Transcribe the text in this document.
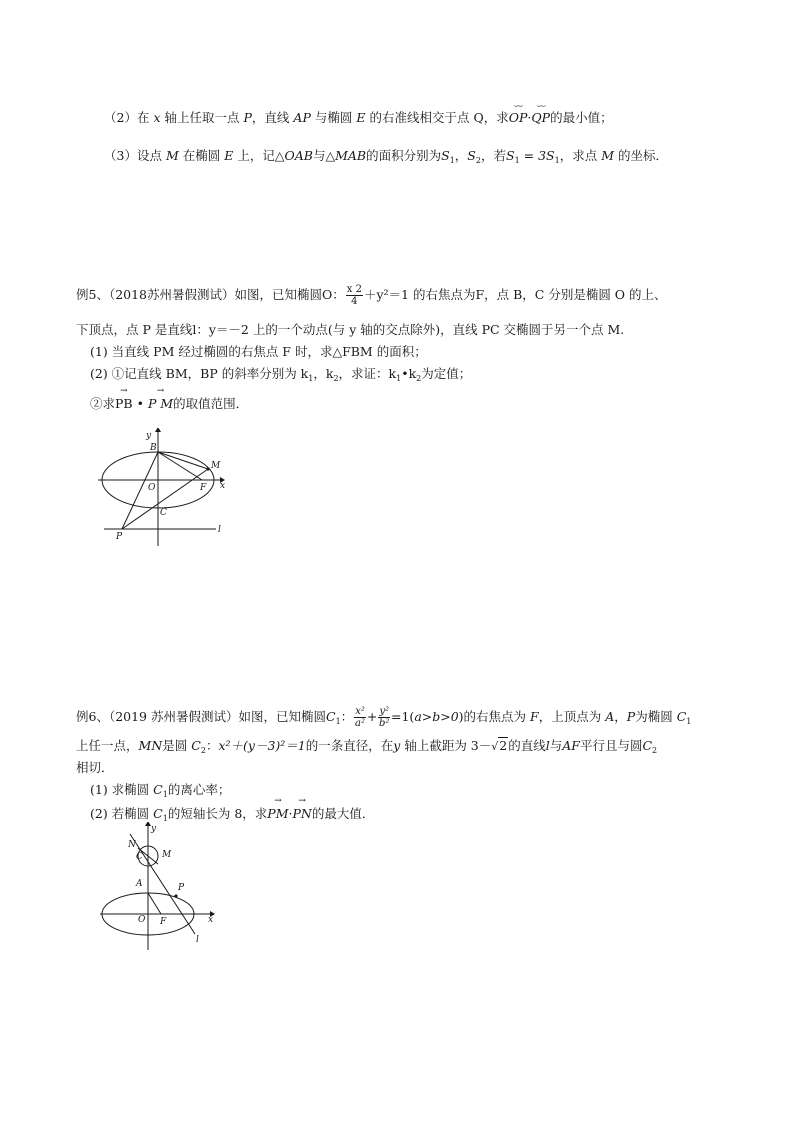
（2）在 x 轴上任取一点 P，直线 AP 与椭圆 E 的右准线相交于点 Q，求⌣⌣ OP·⌣⌣ QP的最小值；
（3）设点 M 在椭圆 E 上，记△OAB与△MAB的面积分别为$S_1$，$S_2$，若$S_1 = 3S_1$，求点 M 的坐标．
例5、（2018苏州暑假测试）如图，已知椭圆O： $\frac{x 2}{4} +y^2=1$ 的右焦点为F，点 B，C 分别是椭圆 O 的上、
下顶点，点 P 是直线l：y＝－2 上的一个动点(与 y 轴的交点除外)，直线 PC 交椭圆于另一个点 M.
(1) 当直线 PM 经过椭圆的右焦点 F 时，求△FBM 的面积；
(2) ①记直线 BM，BP 的斜率分别为 $k_1$，$k_2$，求证：$k_1•k_2$为定值；
②求→ PB • → P M的取值范围．
y
B
M
O	F x
C
P
l
例6、（2019 苏州暑假测试）如图，已知椭圆$C_1$： $\frac{\text{x²}}{\text{a²}} + \frac{\text{y²}}{\text{b²}} =1(a>b>0)$的右焦点为 F，上顶点为 A，P为椭圆 $C_1$
上任一点，MN是圆 $C_2$：x²＋(y－3)²＝1的一条直径，在y 轴上截距为 3－√2的直线l与AF平行且与圆$C_2$
相切．
(1) 求椭圆 $C_1$的离心率；
(2) 若椭圆 $C_1$的短轴长为 8，求→ PM·→ PN的最大值．
y
N
C M
A	P
O F	x
l
